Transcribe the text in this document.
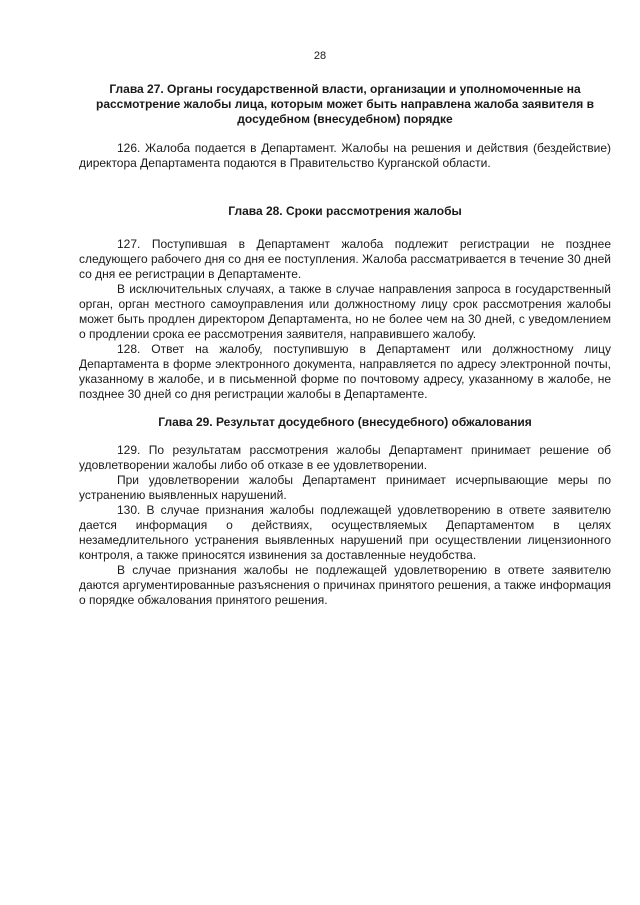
28
Глава 27. Органы государственной власти, организации и уполномоченные на рассмотрение жалобы лица, которым может быть направлена жалоба заявителя в досудебном (внесудебном) порядке

126. Жалоба подается в Департамент. Жалобы на решения и действия (бездействие) директора Департамента подаются в Правительство Курганской области.

Глава 28. Сроки рассмотрения жалобы

127. Поступившая в Департамент жалоба подлежит регистрации не позднее следующего рабочего дня со дня ее поступления. Жалоба рассматривается в течение 30 дней со дня ее регистрации в Департаменте.

В исключительных случаях, а также в случае направления запроса в государственный орган, орган местного самоуправления или должностному лицу срок рассмотрения жалобы может быть продлен директором Департамента, но не более чем на 30 дней, с уведомлением о продлении срока ее рассмотрения заявителя, направившего жалобу.

128. Ответ на жалобу, поступившую в Департамент или должностному лицу Департамента в форме электронного документа, направляется по адресу электронной почты, указанному в жалобе, и в письменной форме по почтовому адресу, указанному в жалобе, не позднее 30 дней со дня регистрации жалобы в Департаменте.

Глава 29. Результат досудебного (внесудебного) обжалования

129. По результатам рассмотрения жалобы Департамент принимает решение об удовлетворении жалобы либо об отказе в ее удовлетворении.

При удовлетворении жалобы Департамент принимает исчерпывающие меры по устранению выявленных нарушений.

130. В случае признания жалобы подлежащей удовлетворению в ответе заявителю дается информация о действиях, осуществляемых Департаментом в целях незамедлительного устранения выявленных нарушений при осуществлении лицензионного контроля, а также приносятся извинения за доставленные неудобства.

В случае признания жалобы не подлежащей удовлетворению в ответе заявителю даются аргументированные разъяснения о причинах принятого решения, а также информация о порядке обжалования принятого решения.
